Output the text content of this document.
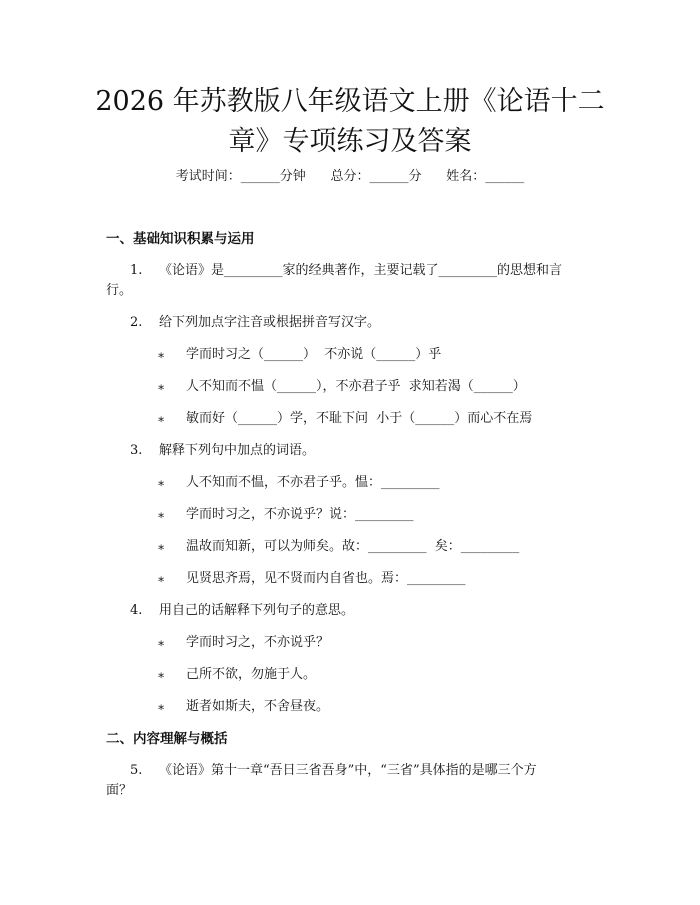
2026 年苏教版八年级语文上册《论语十二
章》专项练习及答案
考试时间：______分钟      总分：______分      姓名：______
一、基础知识积累与运用
1. 《论语》是_________家的经典著作，主要记载了_________的思想和言
行。
2. 给下列加点字注音或根据拼音写汉字。
∗ 学而时习之（______）  不亦说（______）乎
∗ 人不知而不愠（______），不亦君子乎  求知若渴（______）
∗ 敏而好（______）学，不耻下问  小于（______）而心不在焉
3. 解释下列句中加点的词语。
∗ 人不知而不愠，不亦君子乎。愠：_________
∗ 学而时习之，不亦说乎？说：_________
∗ 温故而知新，可以为师矣。故：_________  矣：_________
∗ 见贤思齐焉，见不贤而内自省也。焉：_________
4. 用自己的话解释下列句子的意思。
∗ 学而时习之，不亦说乎？
∗ 己所不欲，勿施于人。
∗ 逝者如斯夫，不舍昼夜。
二、内容理解与概括
5. 《论语》第十一章“吾日三省吾身”中，“三省”具体指的是哪三个方
面？
